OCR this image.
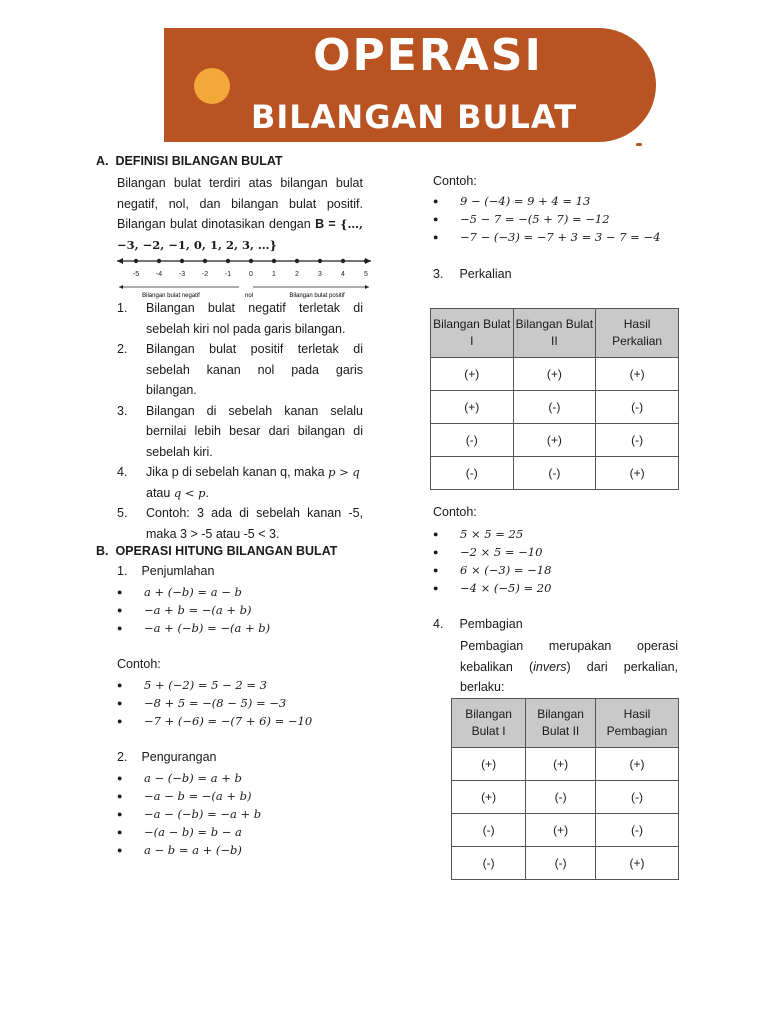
OPERASI
BILANGAN BULAT
A.  DEFINISI BILANGAN BULAT
Bilangan bulat terdiri atas bilangan bulat negatif, nol, dan bilangan bulat positif. Bilangan bulat dinotasikan dengan B = {…, −3, −2, −1, 0, 1, 2, 3, …}
-5 -4 -3 -2 -1	0	1	2	3	4	5
Bilangan bulat negatif	nol	Bilangan bulat positif
1. Bilangan bulat negatif terletak di sebelah kiri nol pada garis bilangan.
2. Bilangan bulat positif terletak di sebelah kanan nol pada garis bilangan.
3. Bilangan di sebelah kanan selalu bernilai lebih besar dari bilangan di sebelah kiri.
4. Jika p di sebelah kanan q, maka p > q
atau q < p.
5. Contoh: 3 ada di sebelah kanan -5, maka 3 > -5 atau -5 < 3.
B.  OPERASI HITUNG BILANGAN BULAT
1. Penjumlahan
● a + (−b) = a − b
● −a + b = −(a + b)
● −a + (−b) = −(a + b)
Contoh:
● 5 + (−2) = 5 − 2 = 3
● −8 + 5 = −(8 − 5) = −3
● −7 + (−6) = −(7 + 6) = −10
2. Pengurangan
● a − (−b) = a + b
● −a − b = −(a + b)
● −a − (−b) = −a + b
● −(a − b) = b − a
● a − b = a + (−b)
Contoh:
● 9 − (−4) = 9 + 4 = 13
● −5 − 7 = −(5 + 7) = −12
● −7 − (−3) = −7 + 3 = 3 − 7 = −4
3. Perkalian
Bilangan Bulat I	Bilangan Bulat II	Hasil Perkalian
(+)	(+)	(+)
(+)	(-)	(-)
(-)	(+)	(-)
(-)	(-)	(+)
Contoh:
● 5 × 5 = 25
● −2 × 5 = −10
● 6 × (−3) = −18
● −4 × (−5) = 20
4. Pembagian
Pembagian merupakan operasi kebalikan (invers) dari perkalian, berlaku:
Bilangan Bulat I	Bilangan Bulat II	Hasil Pembagian
(+)	(+)	(+)
(+)	(-)	(-)
(-)	(+)	(-)
(-)	(-)	(+)
